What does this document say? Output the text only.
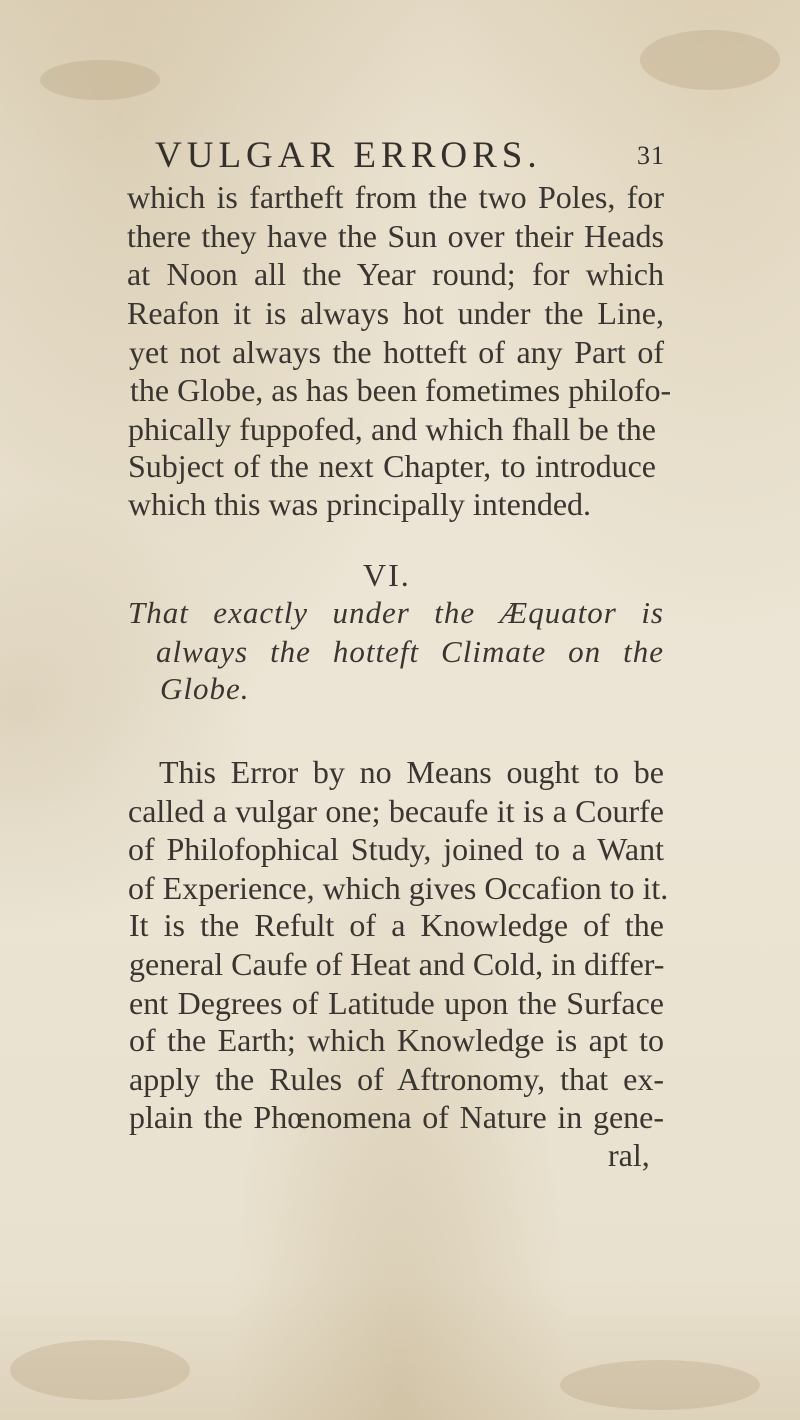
VULGAR ERRORS.	31
which is fartheft from the two Poles, for
there they have the Sun over their Heads
at Noon all the Year round; for which
Reafon it is always hot under the Line,
yet not always the hotteft of any Part of
the Globe, as has been fometimes philofo-
phically fuppofed, and which fhall be the
Subject of the next Chapter, to introduce
which this was principally intended.
VI.
That exactly under the Æquator is
always the hotteft Climate on the
Globe.
This Error by no Means ought to be
called a vulgar one; becaufe it is a Courfe
of Philofophical Study, joined to a Want
of Experience, which gives Occafion to it.
It is the Refult of a Knowledge of the
general Caufe of Heat and Cold, in differ-
ent Degrees of Latitude upon the Surface
of the Earth; which Knowledge is apt to
apply the Rules of Aftronomy, that ex-
plain the Phœnomena of Nature in gene-
ral,
